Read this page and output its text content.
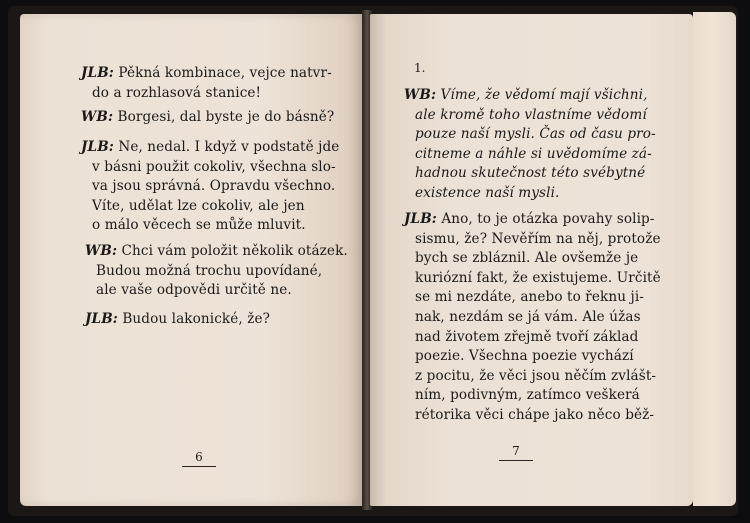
JLB: Pěkná kombinace, vejce natvr-
do a rozhlasová stanice!

WB: Borgesi, dal byste je do básně?

JLB: Ne, nedal. I když v podstatě jde
v básni použit cokoliv, všechna slo-
va jsou správná. Opravdu všechno.
Víte, udělat lze cokoliv, ale jen
o málo věcech se může mluvit.

WB: Chci vám položit několik otázek.
Budou možná trochu upovídané,
ale vaše odpovědi určitě ne.

JLB: Budou lakonické, že?

6
1.

WB: Víme, že vědomí mají všichni,
ale kromě toho vlastníme vědomí
pouze naší mysli. Čas od času pro-
citneme a náhle si uvědomíme zá-
hadnou skutečnost této svébytné
existence naší mysli.

JLB: Ano, to je otázka povahy solip-
sismu, že? Nevěřím na něj, protože
bych se zbláznil. Ale ovšemže je
kuriózní fakt, že existujeme. Určitě
se mi nezdáte, anebo to řeknu ji-
nak, nezdám se já vám. Ale úžas
nad životem zřejmě tvoří základ
poezie. Všechna poezie vychází
z pocitu, že věci jsou něčím zvlášt-
ním, podivným, zatímco veškerá
rétorika věci chápe jako něco běž-

7
